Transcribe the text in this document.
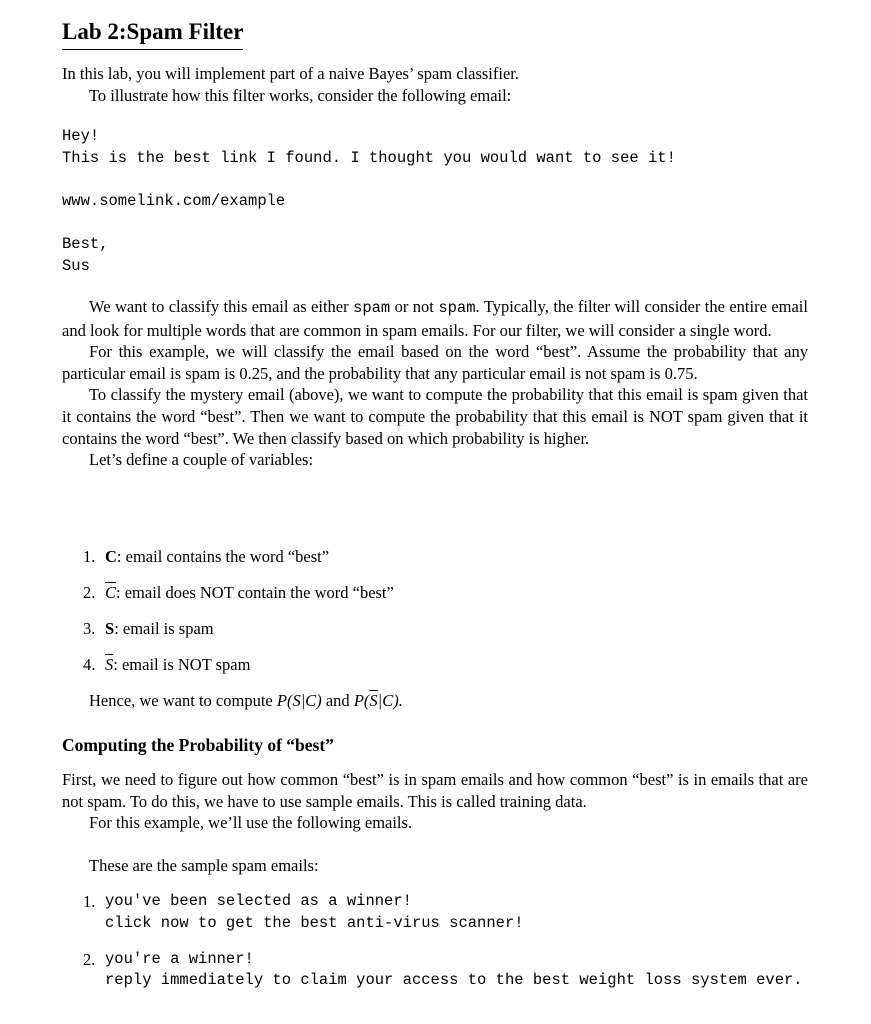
Lab 2:Spam Filter

In this lab, you will implement part of a naive Bayes’ spam classifier.

To illustrate how this filter works, consider the following email:

Hey!
This is the best link I found. I thought you would want to see it!
www.somelink.com/example
Best,
Sus

We want to classify this email as either spam or not spam. Typically, the filter will consider the entire email and look for multiple words that are common in spam emails. For our filter, we will consider a single word.

For this example, we will classify the email based on the word “best”. Assume the probability that any particular email is spam is 0.25, and the probability that any particular email is not spam is 0.75.

To classify the mystery email (above), we want to compute the probability that this email is spam given that it contains the word “best”. Then we want to compute the probability that this email is NOT spam given that it contains the word “best”. We then classify based on which probability is higher.

Let’s define a couple of variables:

1. C: email contains the word “best”
2. $\overline{C}$: email does NOT contain the word “best”
3. S: email is spam
4. $\overline{S}$: email is NOT spam

Hence, we want to compute P(S|C) and $P(\overline{S}|C)$.

Computing the Probability of “best”

First, we need to figure out how common “best” is in spam emails and how common “best” is in emails that are not spam. To do this, we have to use sample emails. This is called training data.

For this example, we’ll use the following emails.

These are the sample spam emails:

1. you've been selected as a winner!
click now to get the best anti-virus scanner!
2. you're a winner!
reply immediately to claim your access to the best weight loss system ever.
